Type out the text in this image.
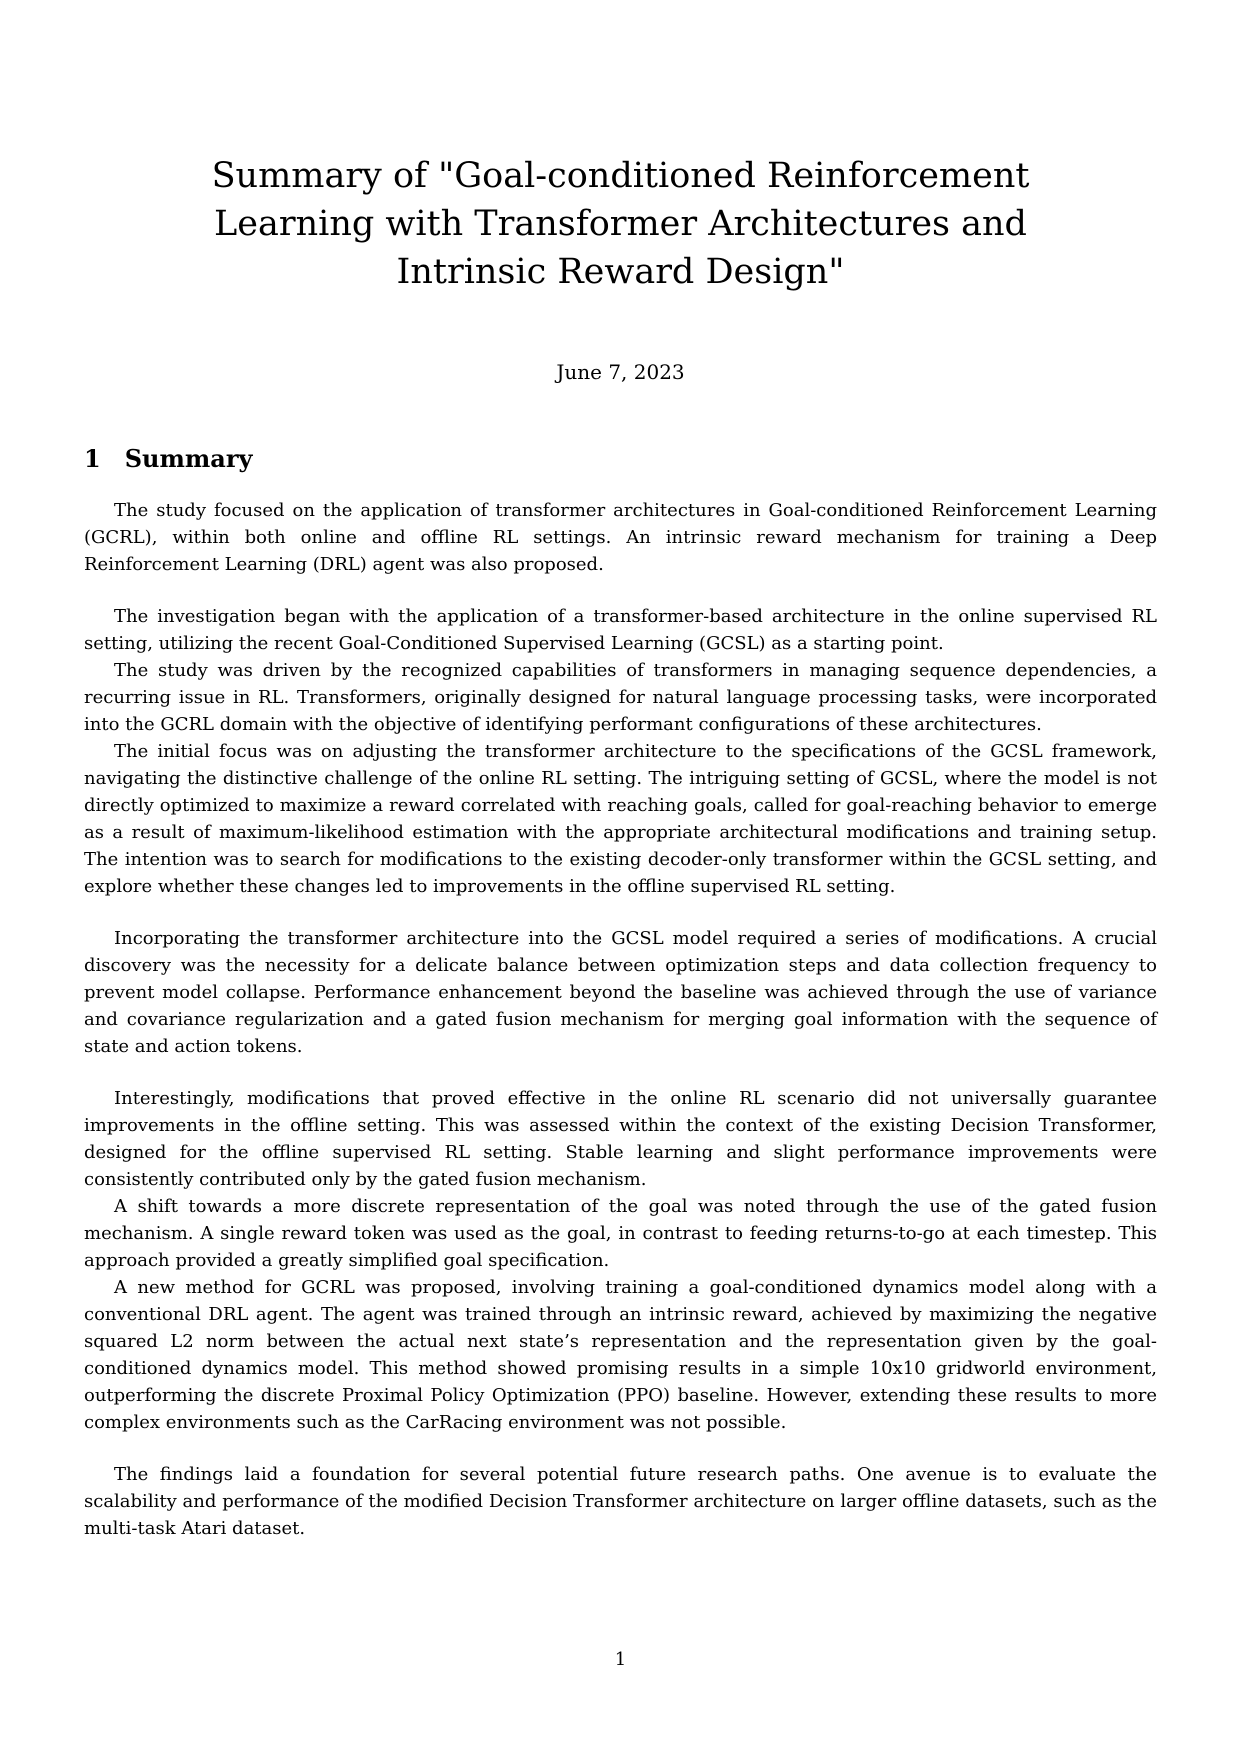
Summary of "Goal-conditioned Reinforcement Learning with Transformer Architectures and Intrinsic Reward Design"
June 7, 2023
1 Summary

The study focused on the application of transformer architectures in Goal-conditioned Reinforcement Learning (GCRL), within both online and offline RL settings. An intrinsic reward mechanism for training a Deep Reinforcement Learning (DRL) agent was also proposed.

The investigation began with the application of a transformer-based architecture in the online supervised RL setting, utilizing the recent Goal-Conditioned Supervised Learning (GCSL) as a starting point.

The study was driven by the recognized capabilities of transformers in managing sequence dependencies, a recurring issue in RL. Transformers, originally designed for natural language processing tasks, were incorporated into the GCRL domain with the objective of identifying performant configurations of these architectures.

The initial focus was on adjusting the transformer architecture to the specifications of the GCSL framework, navigating the distinctive challenge of the online RL setting. The intriguing setting of GCSL, where the model is not directly optimized to maximize a reward correlated with reaching goals, called for goal-reaching behavior to emerge as a result of maximum-likelihood estimation with the appropriate architectural modifications and training setup. The intention was to search for modifications to the existing decoder-only transformer within the GCSL setting, and explore whether these changes led to improvements in the offline supervised RL setting.

Incorporating the transformer architecture into the GCSL model required a series of modifications. A crucial discovery was the necessity for a delicate balance between optimization steps and data collection frequency to prevent model collapse. Performance enhancement beyond the baseline was achieved through the use of variance and covariance regularization and a gated fusion mechanism for merging goal information with the sequence of state and action tokens.

Interestingly, modifications that proved effective in the online RL scenario did not universally guarantee improvements in the offline setting. This was assessed within the context of the existing Decision Transformer, designed for the offline supervised RL setting. Stable learning and slight performance improvements were consistently contributed only by the gated fusion mechanism.

A shift towards a more discrete representation of the goal was noted through the use of the gated fusion mechanism. A single reward token was used as the goal, in contrast to feeding returns-to-go at each timestep. This approach provided a greatly simplified goal specification.

A new method for GCRL was proposed, involving training a goal-conditioned dynamics model along with a conventional DRL agent. The agent was trained through an intrinsic reward, achieved by maximizing the negative squared L2 norm between the actual next state’s representation and the representation given by the goal-conditioned dynamics model. This method showed promising results in a simple 10x10 gridworld environment, outperforming the discrete Proximal Policy Optimization (PPO) baseline. However, extending these results to more complex environments such as the CarRacing environment was not possible.

The findings laid a foundation for several potential future research paths. One avenue is to evaluate the scalability and performance of the modified Decision Transformer architecture on larger offline datasets, such as the multi-task Atari dataset.

1
